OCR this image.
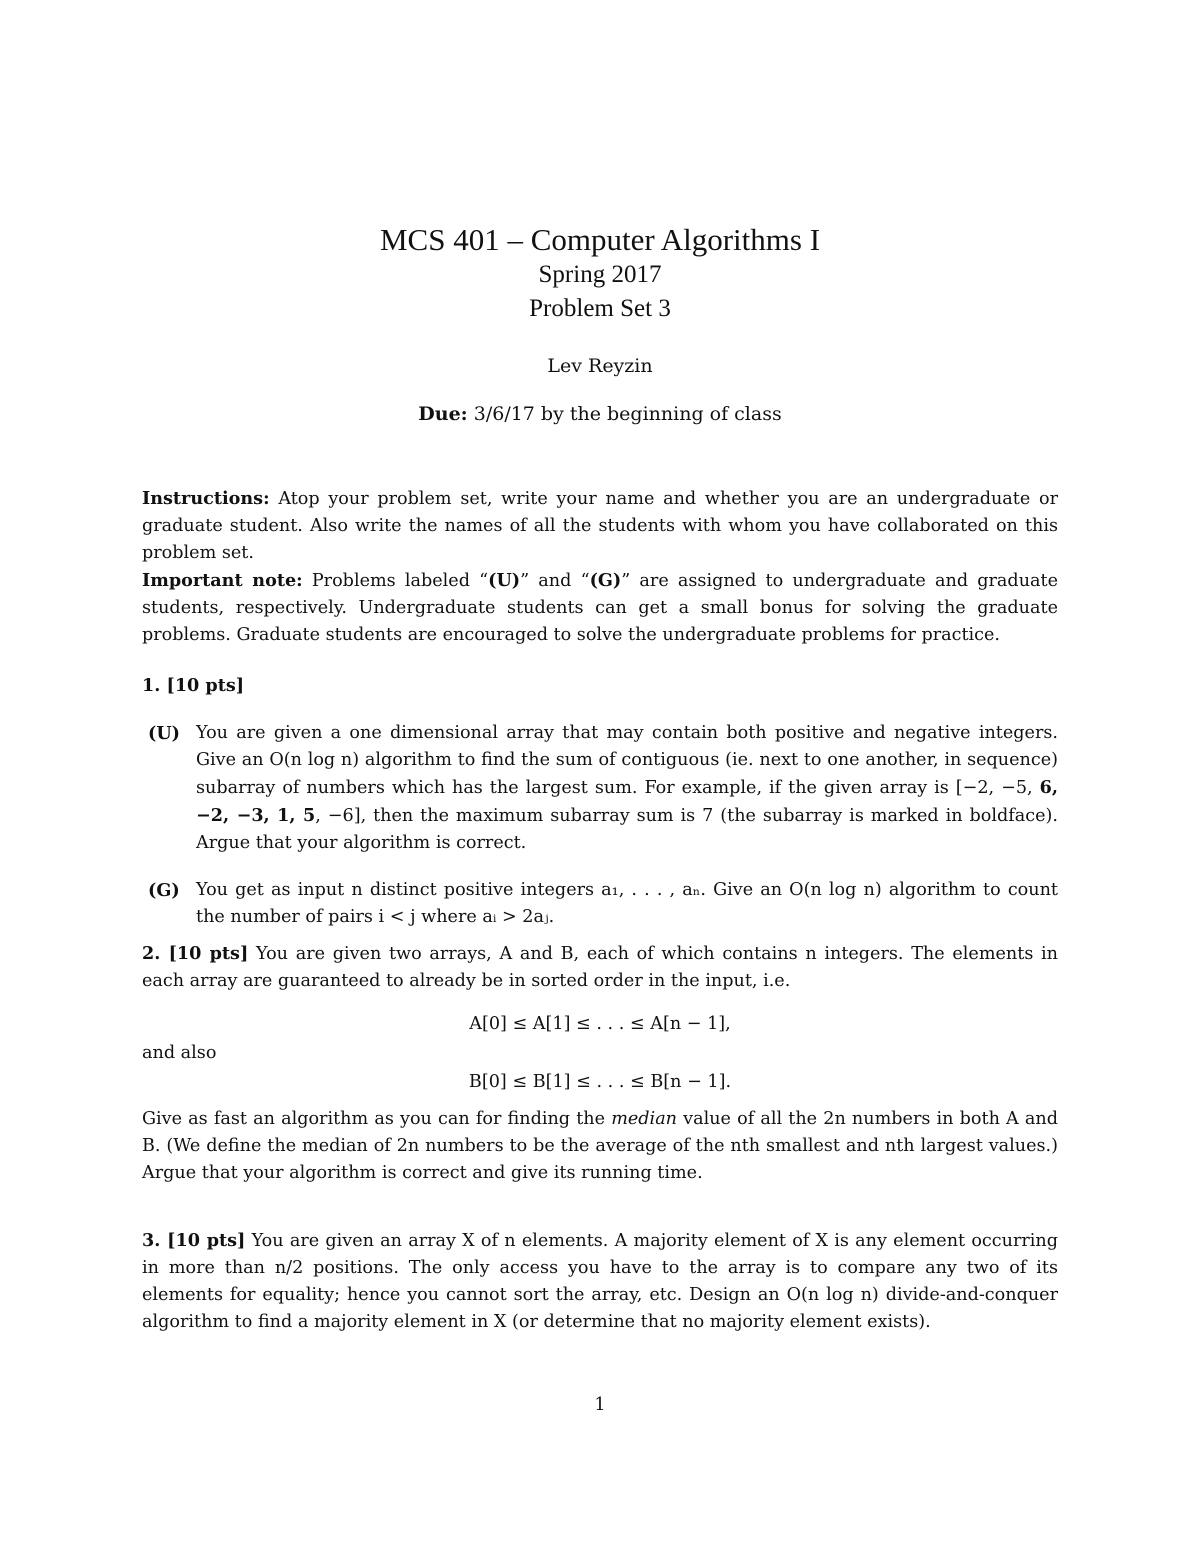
MCS 401 – Computer Algorithms I
Spring 2017
Problem Set 3
Lev Reyzin
Due: 3/6/17 by the beginning of class

Instructions: Atop your problem set, write your name and whether you are an undergraduate or graduate student. Also write the names of all the students with whom you have collaborated on this problem set.

Important note: Problems labeled “(U)” and “(G)” are assigned to undergraduate and graduate students, respectively. Undergraduate students can get a small bonus for solving the graduate problems. Graduate students are encouraged to solve the undergraduate problems for practice.

1. [10 pts]

(U) You are given a one dimensional array that may contain both positive and negative integers. Give an O(n log n) algorithm to find the sum of contiguous (ie. next to one another, in sequence) subarray of numbers which has the largest sum. For example, if the given array is [−2, −5, 6, −2, −3, 1, 5, −6], then the maximum subarray sum is 7 (the subarray is marked in boldface). Argue that your algorithm is correct.

(G) You get as input n distinct positive integers a₁, . . . , aₙ. Give an O(n log n) algorithm to count the number of pairs i < j where aᵢ > 2aⱼ.

2. [10 pts] You are given two arrays, A and B, each of which contains n integers. The elements in each array are guaranteed to already be in sorted order in the input, i.e.

A[0] ≤ A[1] ≤ . . . ≤ A[n − 1],

and also

B[0] ≤ B[1] ≤ . . . ≤ B[n − 1].

Give as fast an algorithm as you can for finding the median value of all the 2n numbers in both A and B. (We define the median of 2n numbers to be the average of the nth smallest and nth largest values.) Argue that your algorithm is correct and give its running time.

3. [10 pts] You are given an array X of n elements. A majority element of X is any element occurring in more than n/2 positions. The only access you have to the array is to compare any two of its elements for equality; hence you cannot sort the array, etc. Design an O(n log n) divide-and-conquer algorithm to find a majority element in X (or determine that no majority element exists).

1
